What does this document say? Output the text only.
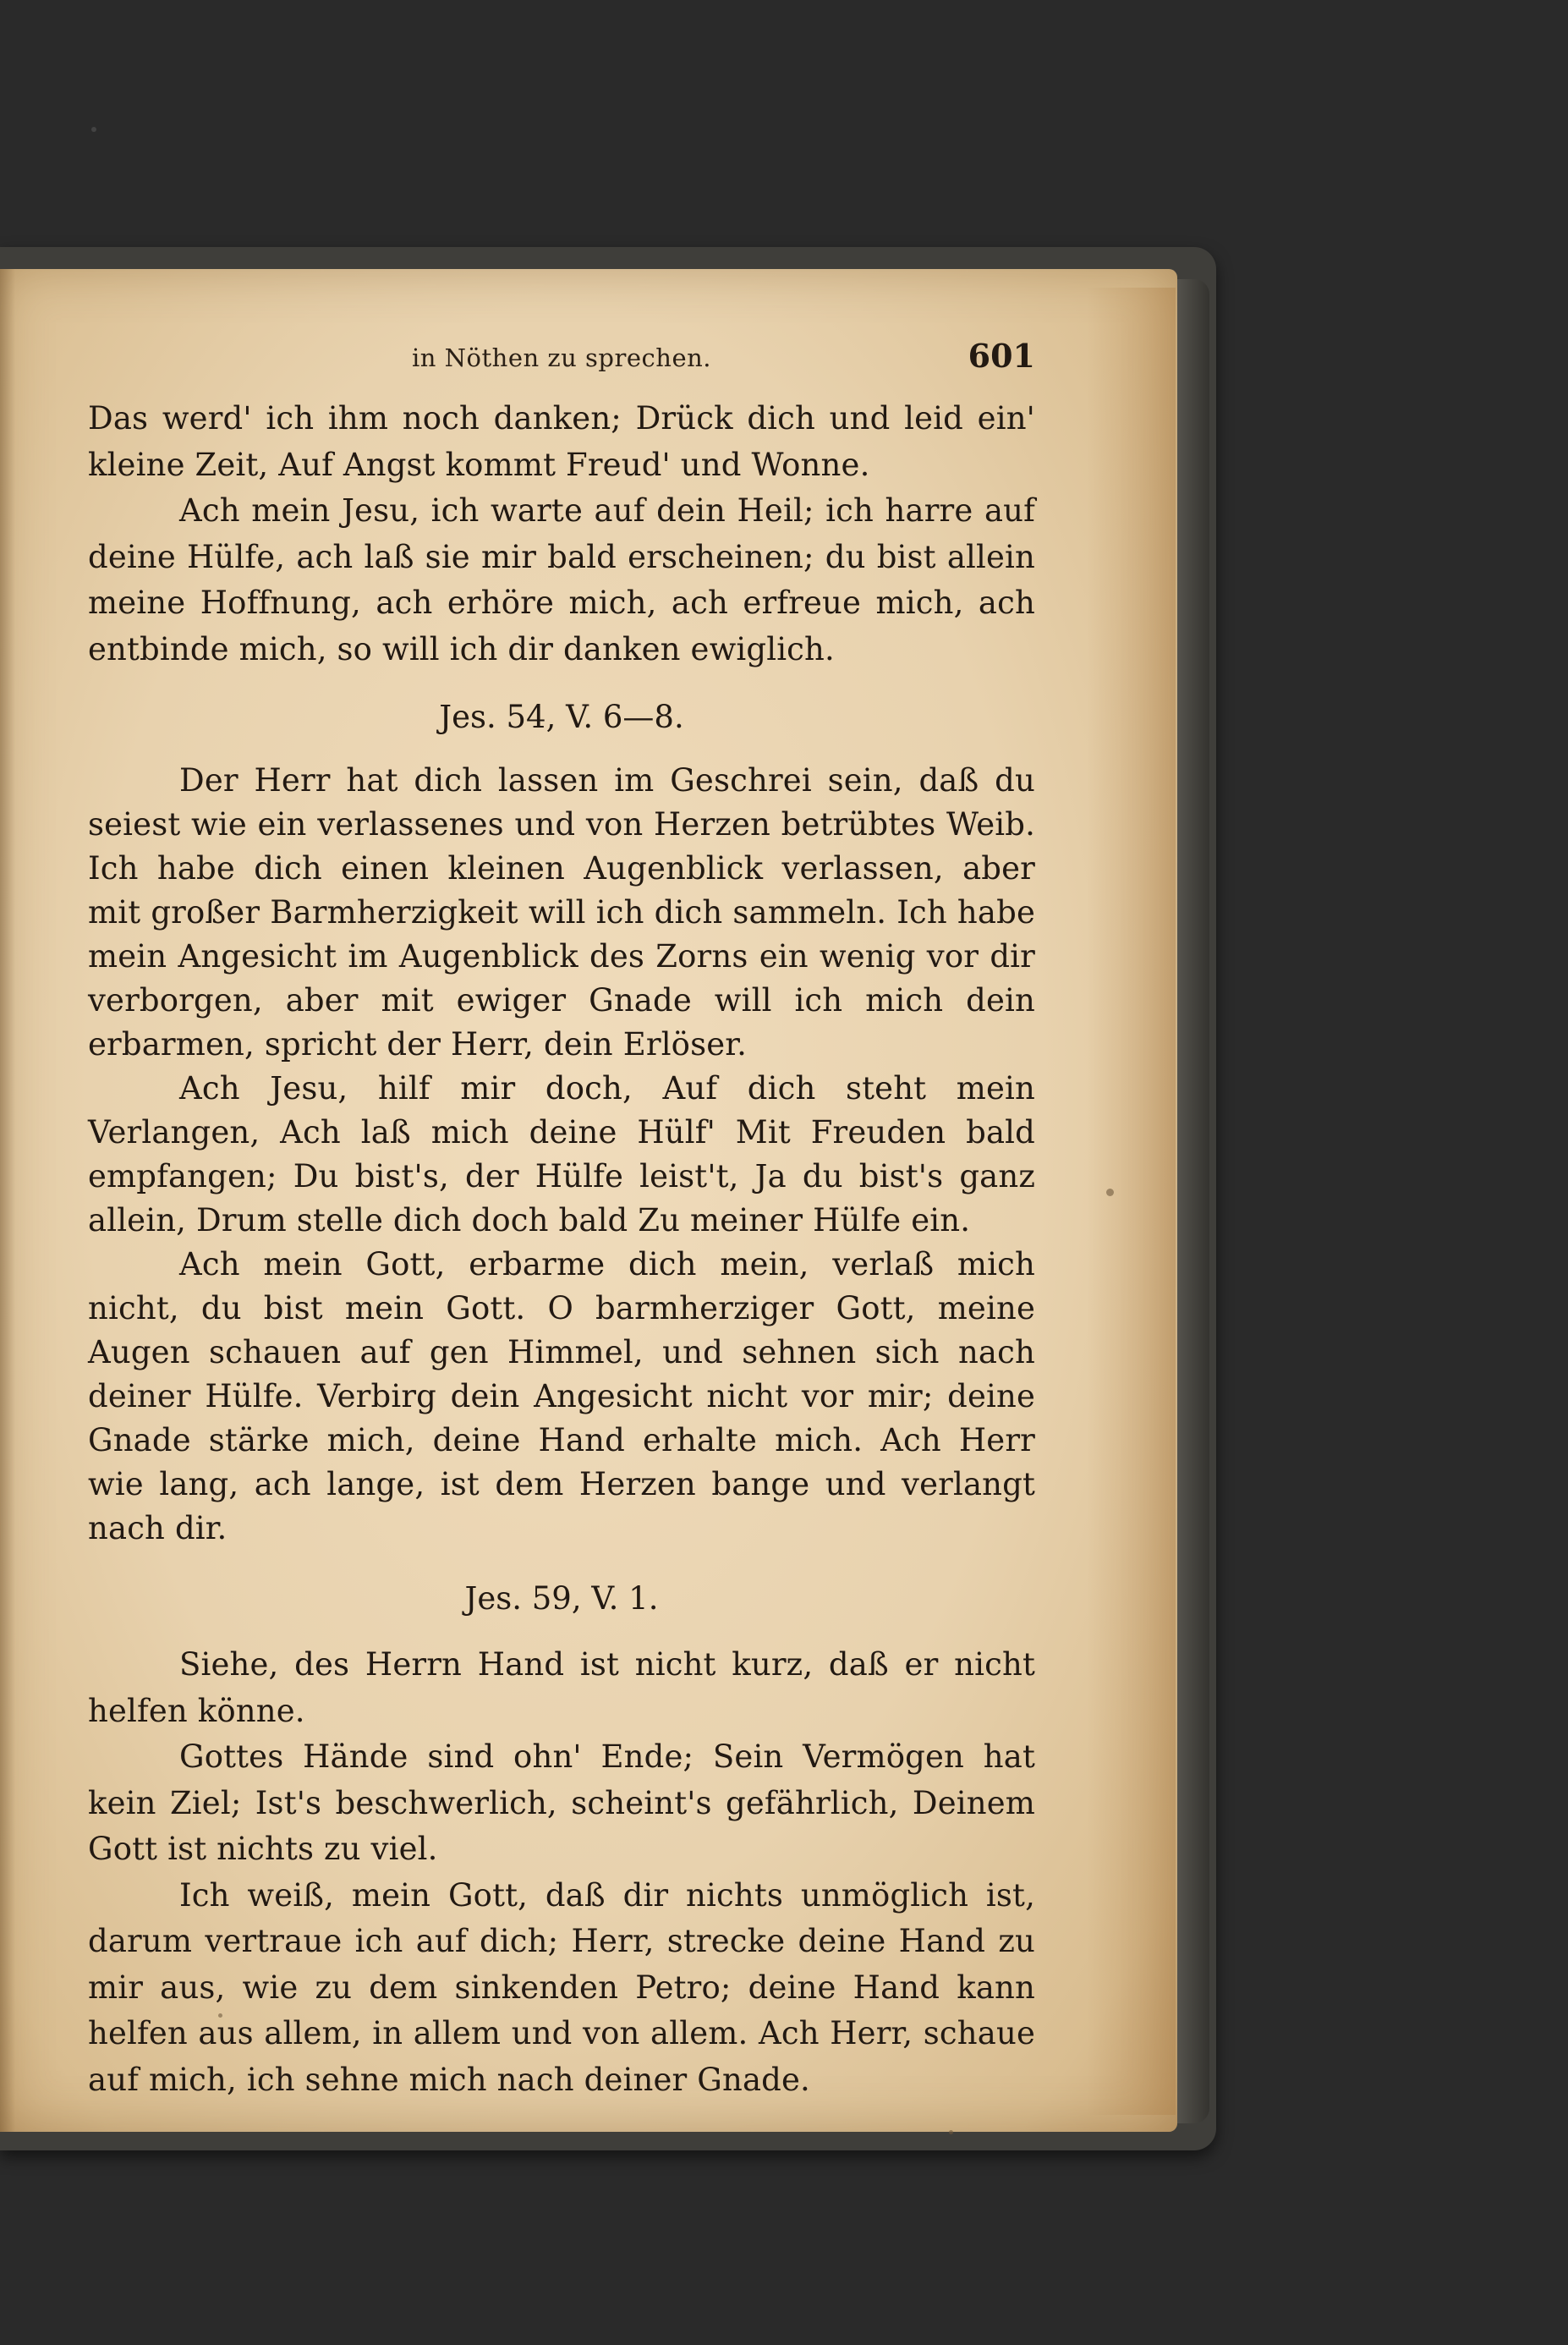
in Nöthen zu sprechen.	601

Das werd' ich ihm noch danken; Drück dich und leid ein' kleine Zeit, Auf Angst kommt Freud' und Wonne.

Ach mein Jesu, ich warte auf dein Heil; ich harre auf deine Hülfe, ach laß sie mir bald erscheinen; du bist allein meine Hoffnung, ach erhöre mich, ach erfreue mich, ach entbinde mich, so will ich dir danken ewiglich.

Jes. 54, V. 6—8.

Der Herr hat dich lassen im Geschrei sein, daß du seiest wie ein verlassenes und von Herzen betrübtes Weib. Ich habe dich einen kleinen Augenblick verlassen, aber mit großer Barmherzigkeit will ich dich sammeln. Ich habe mein Angesicht im Augenblick des Zorns ein wenig vor dir verborgen, aber mit ewiger Gnade will ich mich dein erbarmen, spricht der Herr, dein Erlöser.

Ach Jesu, hilf mir doch, Auf dich steht mein Verlangen, Ach laß mich deine Hülf' Mit Freuden bald empfangen; Du bist's, der Hülfe leist't, Ja du bist's ganz allein, Drum stelle dich doch bald Zu meiner Hülfe ein.

Ach mein Gott, erbarme dich mein, verlaß mich nicht, du bist mein Gott. O barmherziger Gott, meine Augen schauen auf gen Himmel, und sehnen sich nach deiner Hülfe. Verbirg dein Angesicht nicht vor mir; deine Gnade stärke mich, deine Hand erhalte mich. Ach Herr wie lang, ach lange, ist dem Herzen bange und verlangt nach dir.

Jes. 59, V. 1.

Siehe, des Herrn Hand ist nicht kurz, daß er nicht helfen könne.

Gottes Hände sind ohn' Ende; Sein Vermögen hat kein Ziel; Ist's beschwerlich, scheint's gefährlich, Deinem Gott ist nichts zu viel.

Ich weiß, mein Gott, daß dir nichts unmöglich ist, darum vertraue ich auf dich; Herr, strecke deine Hand zu mir aus, wie zu dem sinkenden Petro; deine Hand kann helfen aus allem, in allem und von allem. Ach Herr, schaue auf mich, ich sehne mich nach deiner Gnade.
